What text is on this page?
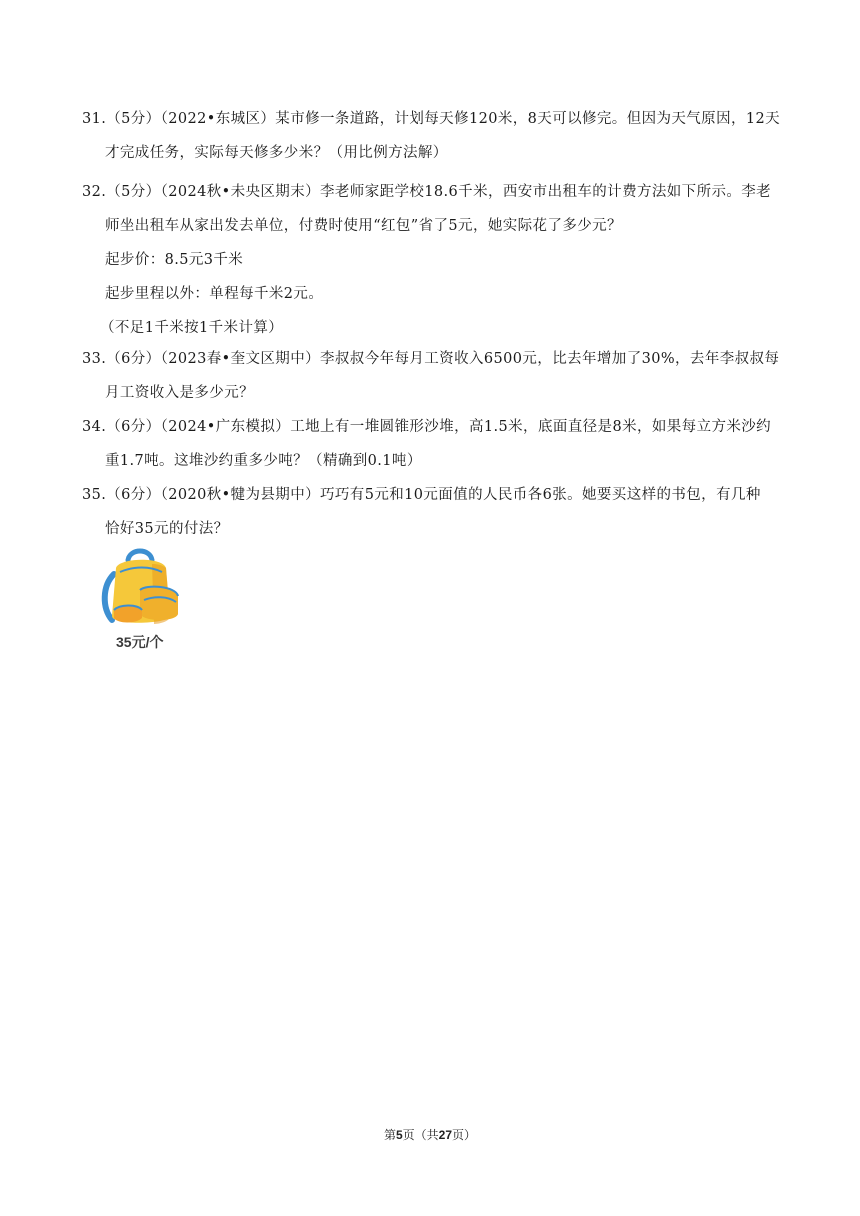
31.（5分）（2022•东城区）某市修一条道路，计划每天修120米，8天可以修完。但因为天气原因，12天

才完成任务，实际每天修多少米？（用比例方法解）

32.（5分）（2024秋•未央区期末）李老师家距学校18.6千米，西安市出租车的计费方法如下所示。李老

师坐出租车从家出发去单位，付费时使用“红包”省了5元，她实际花了多少元？

起步价：8.5元3千米

起步里程以外：单程每千米2元。

（不足1千米按1千米计算）

33.（6分）（2023春•奎文区期中）李叔叔今年每月工资收入6500元，比去年增加了30%，去年李叔叔每

月工资收入是多少元？

34.（6分）（2024•广东模拟）工地上有一堆圆锥形沙堆，高1.5米，底面直径是8米，如果每立方米沙约

重1.7吨。这堆沙约重多少吨？（精确到0.1吨）

35.（6分）（2020秋•犍为县期中）巧巧有5元和10元面值的人民币各6张。她要买这样的书包，有几种

恰好35元的付法？

35元/个
第5页（共27页）
